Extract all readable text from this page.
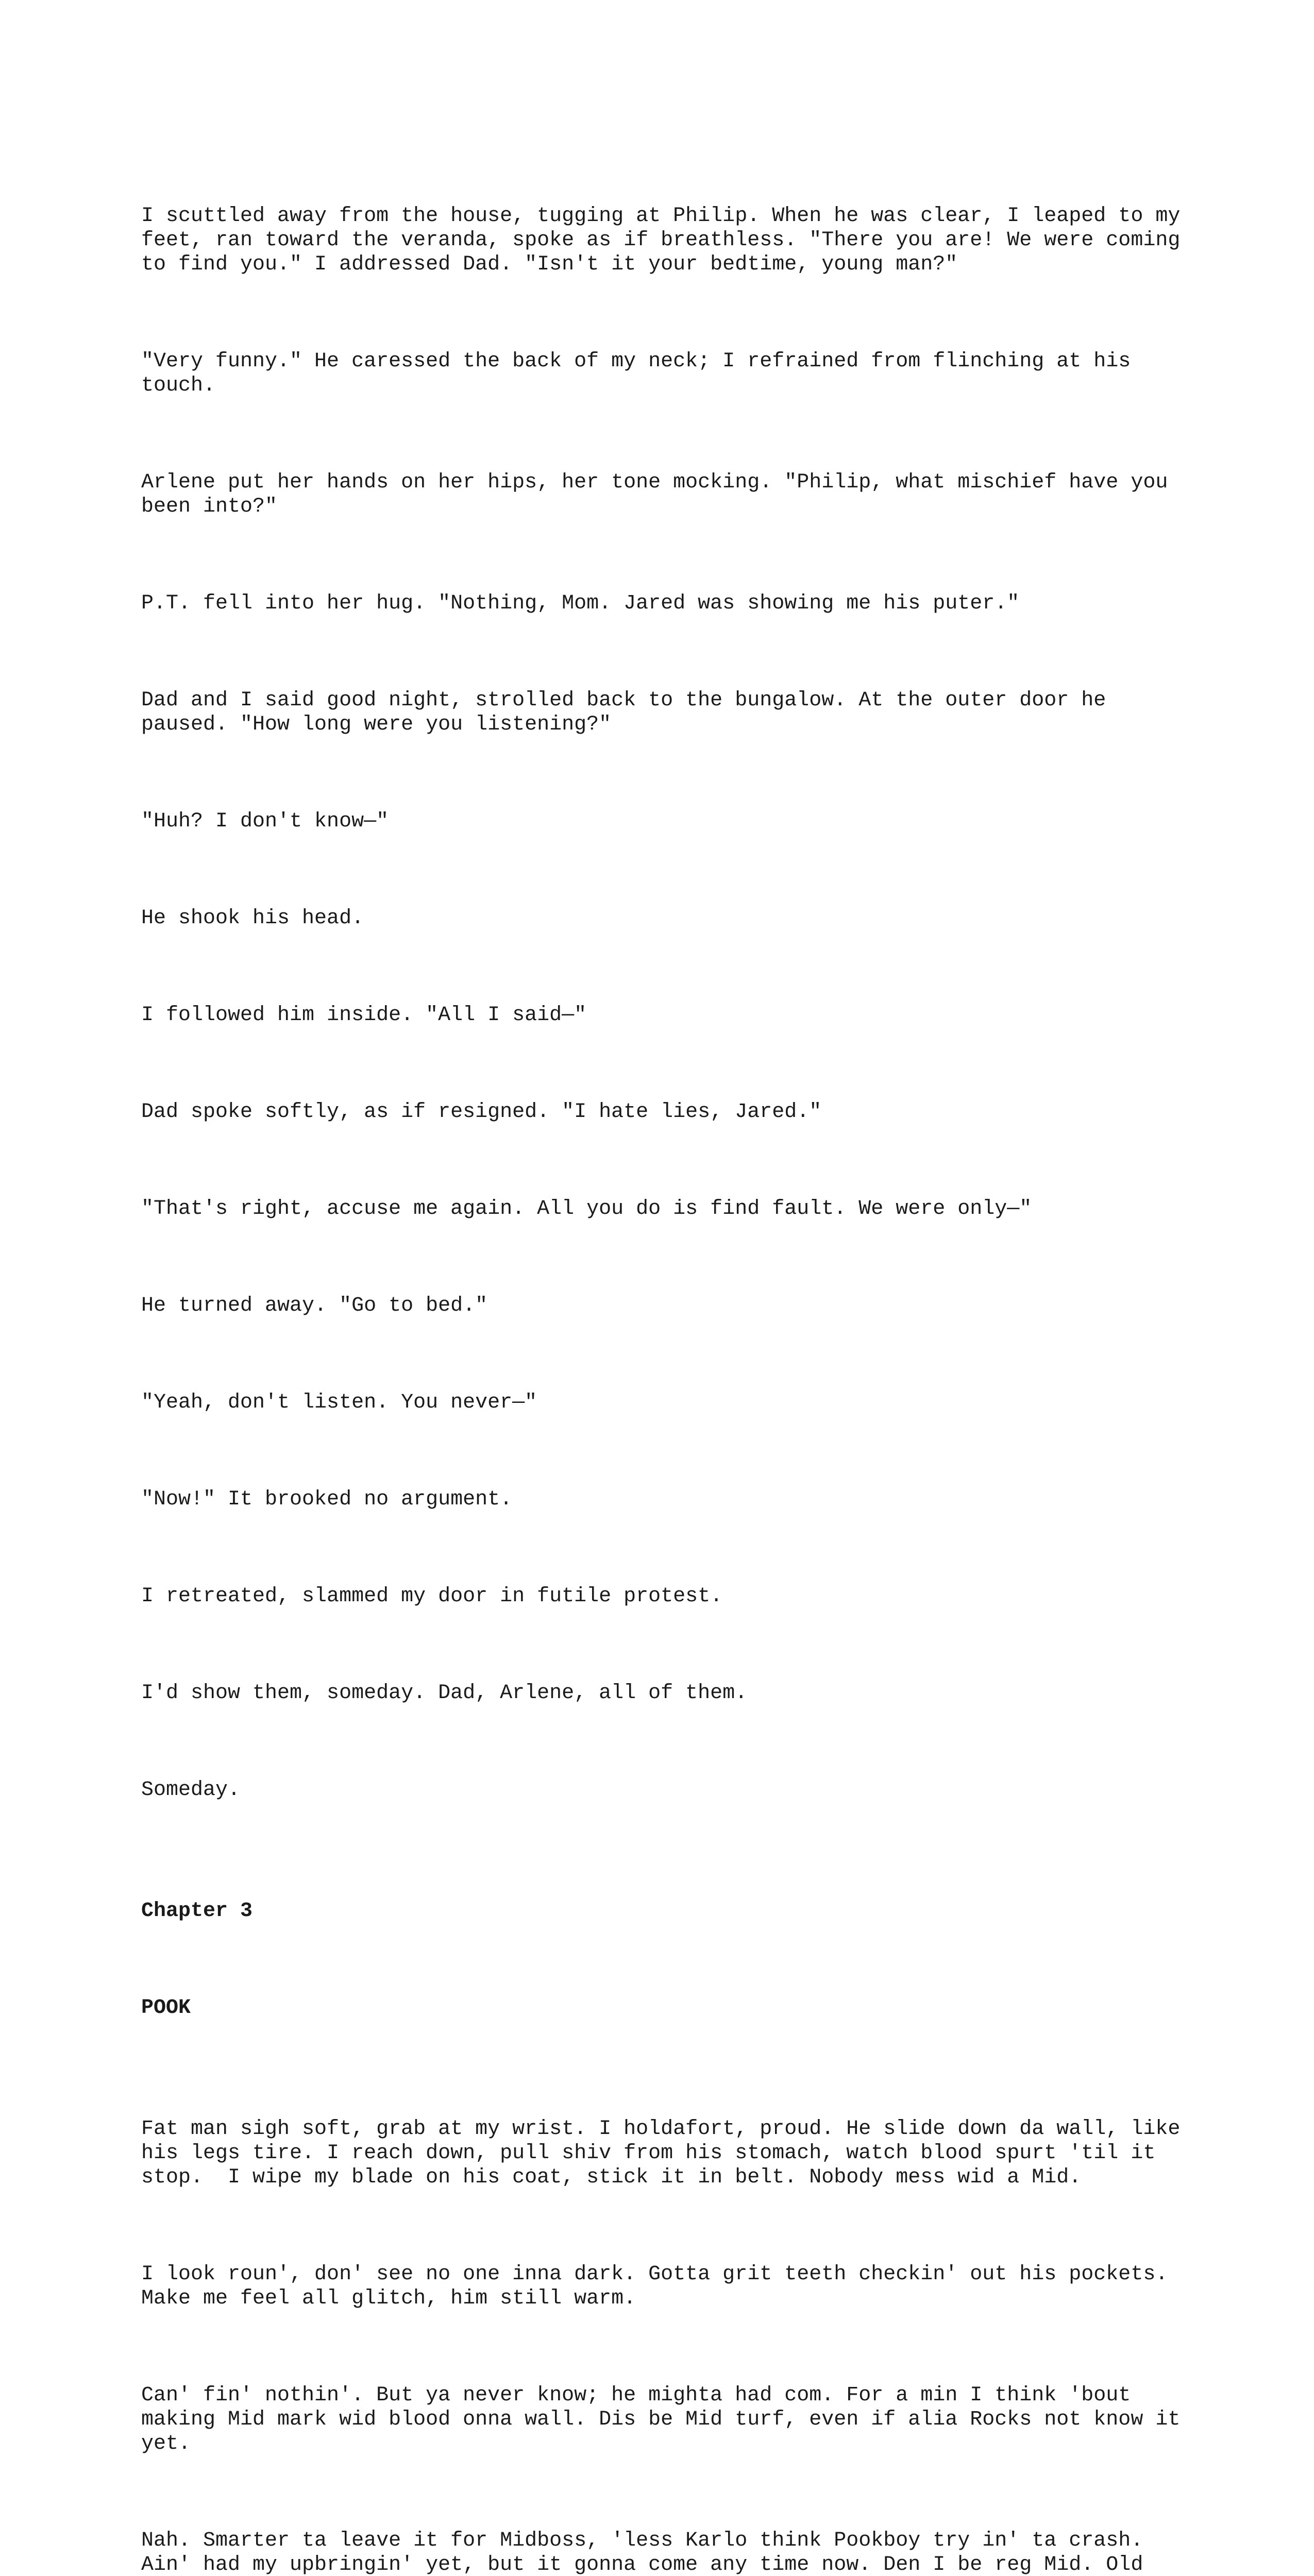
I scuttled away from the house, tugging at Philip. When he was clear, I leaped to my feet, ran toward the veranda, spoke as if breathless. "There you are! We were coming to find you." I addressed Dad. "Isn't it your bedtime, young man?"

"Very funny." He caressed the back of my neck; I refrained from flinching at his touch.

Arlene put her hands on her hips, her tone mocking. "Philip, what mischief have you been into?"

P.T. fell into her hug. "Nothing, Mom. Jared was showing me his puter."

Dad and I said good night, strolled back to the bungalow. At the outer door he paused. "How long were you listening?"

"Huh? I don't know—"

He shook his head.

I followed him inside. "All I said—"

Dad spoke softly, as if resigned. "I hate lies, Jared."

"That's right, accuse me again. All you do is find fault. We were only—"

He turned away. "Go to bed."

"Yeah, don't listen. You never—"

"Now!" It brooked no argument.

I retreated, slammed my door in futile protest.

I'd show them, someday. Dad, Arlene, all of them.

Someday.

Chapter 3

POOK

Fat man sigh soft, grab at my wrist. I holdafort, proud. He slide down da wall, like his legs tire. I reach down, pull shiv from his stomach, watch blood spurt 'til it stop.  I wipe my blade on his coat, stick it in belt. Nobody mess wid a Mid.

I look roun', don' see no one inna dark. Gotta grit teeth checkin' out his pockets. Make me feel all glitch, him still warm.

Can' fin' nothin'. But ya never know; he mighta had com. For a min I think 'bout making Mid mark wid blood onna wall. Dis be Mid turf, even if alia Rocks not know it yet.

Nah. Smarter ta leave it for Midboss, 'less Karlo think Pookboy try in' ta crash. Ain' had my upbringin' yet, but it gonna come any time now. Den I be reg Mid. Old
